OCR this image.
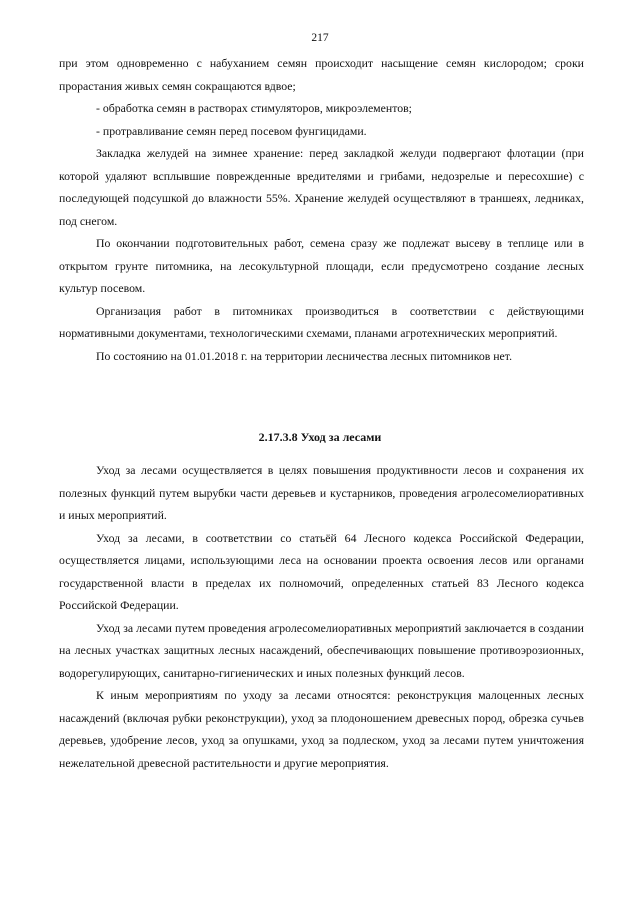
217

при этом одновременно с набуханием семян происходит насыщение семян кислородом; сроки прорастания живых семян сокращаются вдвое;

- обработка семян в растворах стимуляторов, микроэлементов;

- протравливание семян перед посевом фунгицидами.

Закладка желудей на зимнее хранение: перед закладкой желуди подвергают флотации (при которой удаляют всплывшие поврежденные вредителями и грибами, недозрелые и пересохшие) с последующей подсушкой до влажности 55%. Хранение желудей осуществляют в траншеях, ледниках, под снегом.

По окончании подготовительных работ, семена сразу же подлежат высеву в теплице или в открытом грунте питомника, на лесокультурной площади, если предусмотрено создание лесных культур посевом.

Организация работ в питомниках производиться в соответствии с действующими нормативными документами, технологическими схемами, планами агротехнических мероприятий.

По состоянию на 01.01.2018 г. на территории лесничества лесных питомников нет.

2.17.3.8 Уход за лесами

Уход за лесами осуществляется в целях повышения продуктивности лесов и сохранения их полезных функций путем вырубки части деревьев и кустарников, проведения агролесомелиоративных и иных мероприятий.

Уход за лесами, в соответствии со статьёй 64 Лесного кодекса Российской Федерации, осуществляется лицами, использующими леса на основании проекта освоения лесов или органами государственной власти в пределах их полномочий, определенных статьей 83 Лесного кодекса Российской Федерации.

Уход за лесами путем проведения агролесомелиоративных мероприятий заключается в создании на лесных участках защитных лесных насаждений, обеспечивающих повышение противоэрозионных, водорегулирующих, санитарно-гигиенических и иных полезных функций лесов.

К иным мероприятиям по уходу за лесами относятся: реконструкция малоценных лесных насаждений (включая рубки реконструкции), уход за плодоношением древесных пород, обрезка сучьев деревьев, удобрение лесов, уход за опушками, уход за подлеском, уход за лесами путем уничтожения нежелательной древесной растительности и другие мероприятия.
